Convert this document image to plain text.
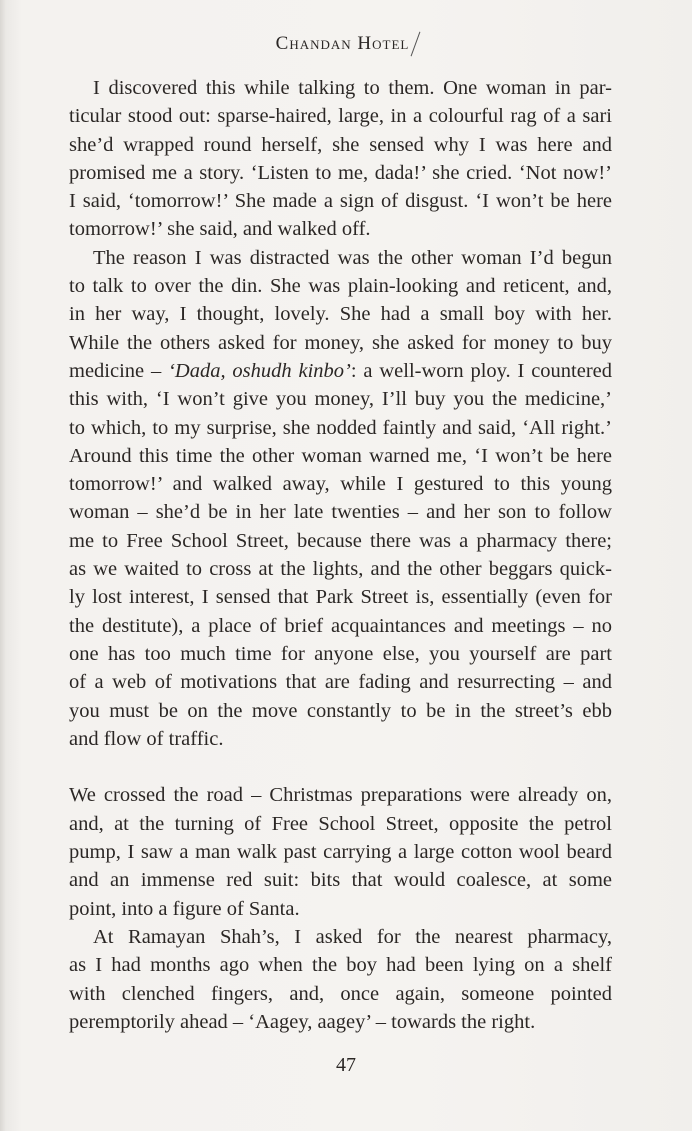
Chandan Hotel
I discovered this while talking to them. One woman in par-
ticular stood out: sparse-haired, large, in a colourful rag of a sari
she’d wrapped round herself, she sensed why I was here and
promised me a story. ‘Listen to me, dada!’ she cried. ‘Not now!’
I said, ‘tomorrow!’ She made a sign of disgust. ‘I won’t be here
tomorrow!’ she said, and walked off.
The reason I was distracted was the other woman I’d begun
to talk to over the din. She was plain-looking and reticent, and,
in her way, I thought, lovely. She had a small boy with her.
While the others asked for money, she asked for money to buy
medicine – ‘Dada, oshudh kinbo’: a well-worn ploy. I countered
this with, ‘I won’t give you money, I’ll buy you the medicine,’
to which, to my surprise, she nodded faintly and said, ‘All right.’
Around this time the other woman warned me, ‘I won’t be here
tomorrow!’ and walked away, while I gestured to this young
woman – she’d be in her late twenties – and her son to follow
me to Free School Street, because there was a pharmacy there;
as we waited to cross at the lights, and the other beggars quick-
ly lost interest, I sensed that Park Street is, essentially (even for
the destitute), a place of brief acquaintances and meetings – no
one has too much time for anyone else, you yourself are part
of a web of motivations that are fading and resurrecting – and
you must be on the move constantly to be in the street’s ebb
and flow of traffic.
We crossed the road – Christmas preparations were already on,
and, at the turning of Free School Street, opposite the petrol
pump, I saw a man walk past carrying a large cotton wool beard
and an immense red suit: bits that would coalesce, at some
point, into a figure of Santa.
At Ramayan Shah’s, I asked for the nearest pharmacy,
as I had months ago when the boy had been lying on a shelf
with clenched fingers, and, once again, someone pointed
peremptorily ahead – ‘Aagey, aagey’ – towards the right.
47
